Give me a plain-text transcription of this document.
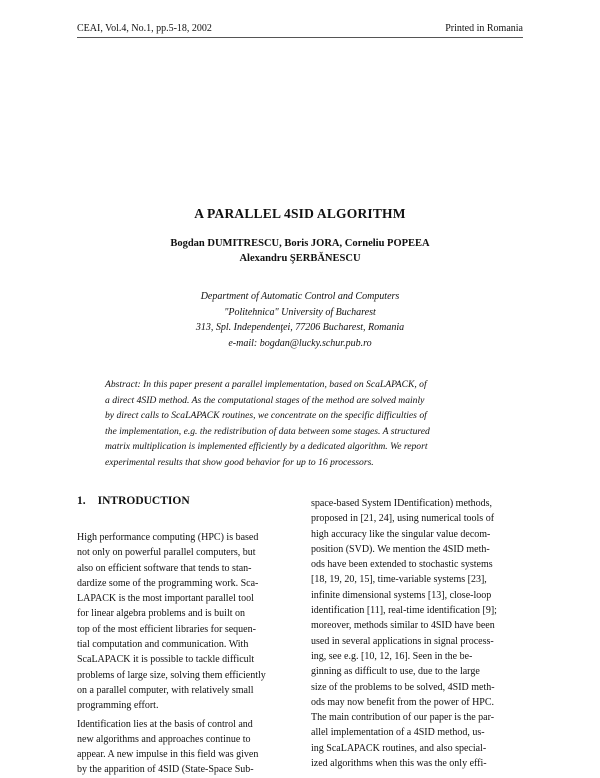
CEAI, Vol.4, No.1, pp.5-18, 2002	Printed in Romania
A PARALLEL 4SID ALGORITHM
Bogdan DUMITRESCU, Boris JORA, Corneliu POPEEA
Alexandru ŞERBĂNESCU
Department of Automatic Control and Computers
"Politehnica" University of Bucharest
313, Spl. Independenţei, 77206 Bucharest, Romania
e-mail: bogdan@lucky.schur.pub.ro
Abstract: In this paper present a parallel implementation, based on ScaLAPACK, of
a direct 4SID method. As the computational stages of the method are solved mainly
by direct calls to ScaLAPACK routines, we concentrate on the specific difficulties of
the implementation, e.g. the redistribution of data between some stages. A structured
matrix multiplication is implemented efficiently by a dedicated algorithm. We report
experimental results that show good behavior for up to 16 processors.
1. INTRODUCTION
High performance computing (HPC) is based
not only on powerful parallel computers, but
also on efficient software that tends to stan-
dardize some of the programming work. Sca-
LAPACK is the most important parallel tool
for linear algebra problems and is built on
top of the most efficient libraries for sequen-
tial computation and communication. With
ScaLAPACK it is possible to tackle difficult
problems of large size, solving them efficiently
on a parallel computer, with relatively small
programming effort.
Identification lies at the basis of control and
new algorithms and approaches continue to
appear. A new impulse in this field was given
by the apparition of 4SID (State-Space Sub-
space-based System IDentification) methods,
proposed in [21, 24], using numerical tools of
high accuracy like the singular value decom-
position (SVD). We mention the 4SID meth-
ods have been extended to stochastic systems
[18, 19, 20, 15], time-variable systems [23],
infinite dimensional systems [13], close-loop
identification [11], real-time identification [9];
moreover, methods similar to 4SID have been
used in several applications in signal process-
ing, see e.g. [10, 12, 16]. Seen in the be-
ginning as difficult to use, due to the large
size of the problems to be solved, 4SID meth-
ods may now benefit from the power of HPC.
The main contribution of our paper is the par-
allel implementation of a 4SID method, us-
ing ScaLAPACK routines, and also special-
ized algorithms when this was the only effi-
